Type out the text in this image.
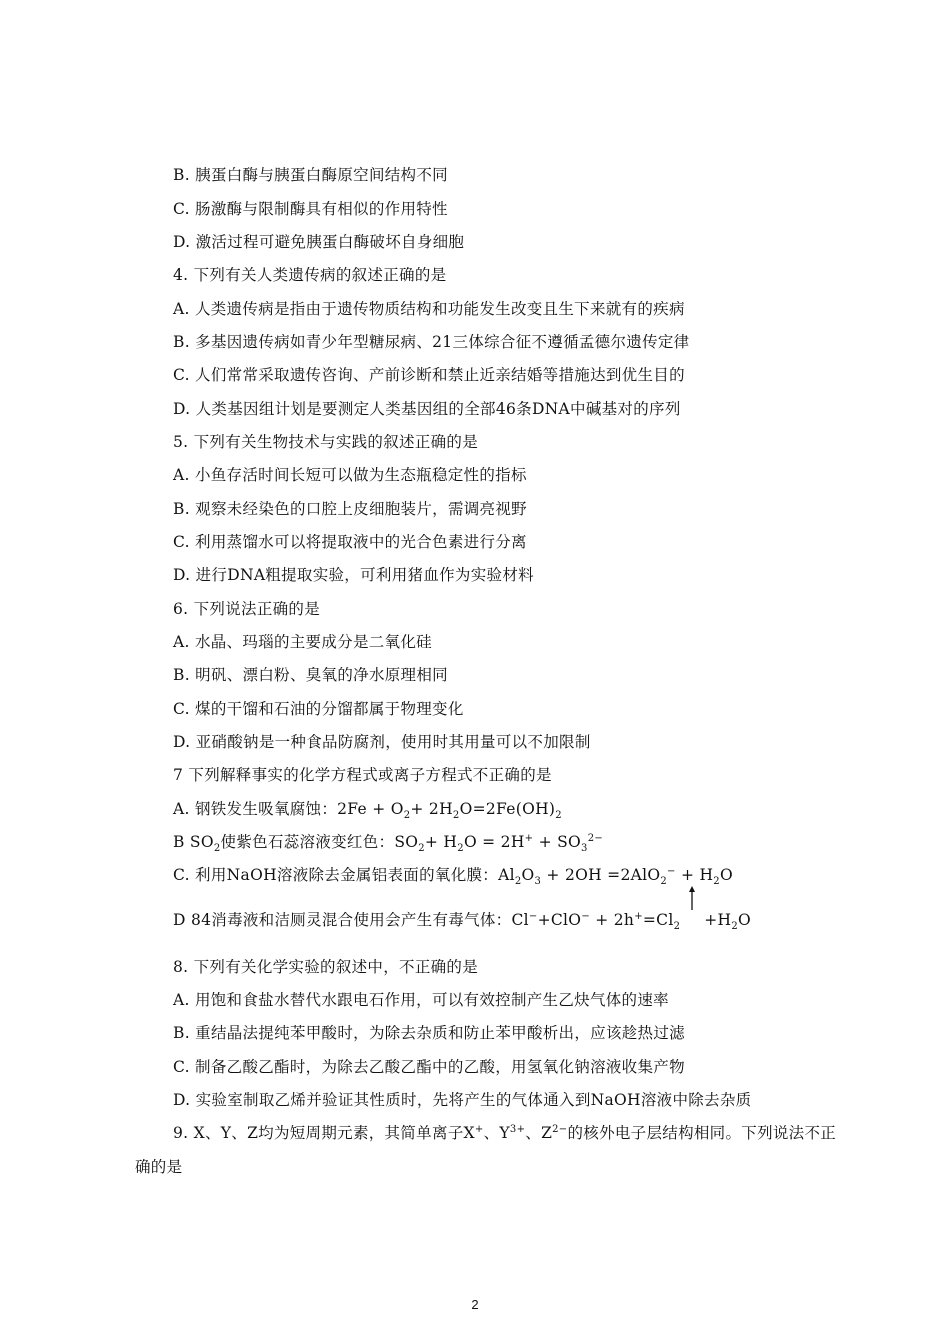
B. 胰蛋白酶与胰蛋白酶原空间结构不同
C. 肠激酶与限制酶具有相似的作用特性
D. 激活过程可避免胰蛋白酶破坏自身细胞
4. 下列有关人类遗传病的叙述正确的是
A. 人类遗传病是指由于遗传物质结构和功能发生改变且生下来就有的疾病
B. 多基因遗传病如青少年型糖尿病、21三体综合征不遵循孟德尔遗传定律
C. 人们常常采取遗传咨询、产前诊断和禁止近亲结婚等措施达到优生目的
D. 人类基因组计划是要测定人类基因组的全部46条DNA中碱基对的序列
5. 下列有关生物技术与实践的叙述正确的是
A. 小鱼存活时间长短可以做为生态瓶稳定性的指标
B. 观察未经染色的口腔上皮细胞装片，需调亮视野
C. 利用蒸馏水可以将提取液中的光合色素进行分离
D. 进行DNA粗提取实验，可利用猪血作为实验材料
6. 下列说法正确的是
A. 水晶、玛瑙的主要成分是二氧化硅
B. 明矾、漂白粉、臭氧的净水原理相同
C. 煤的干馏和石油的分馏都属于物理变化
D. 亚硝酸钠是一种食品防腐剂，使用时其用量可以不加限制
7 下列解释事实的化学方程式或离子方程式不正确的是
A. 钢铁发生吸氧腐蚀：$2Fe + O_2+ 2H_2O=2Fe(OH)_2$
B $SO_2$使紫色石蕊溶液变红色：$SO_2+ H_2O = 2H^+ + SO_3^{2-}$
C. 利用NaOH溶液除去金属铝表面的氧化膜：$Al_2O_3 + 2OH =2AlO_2^- + H_2O$
D 84消毒液和洁厕灵混合使用会产生有毒气体：$Cl^-+ClO^- + 2h^+=Cl_2 +H_2O$
8. 下列有关化学实验的叙述中，不正确的是
A. 用饱和食盐水替代水跟电石作用，可以有效控制产生乙炔气体的速率
B. 重结晶法提纯苯甲酸时，为除去杂质和防止苯甲酸析出，应该趁热过滤
C. 制备乙酸乙酯时，为除去乙酸乙酯中的乙酸，用氢氧化钠溶液收集产物
D. 实验室制取乙烯并验证其性质时，先将产生的气体通入到NaOH溶液中除去杂质
9. X、Y、Z均为短周期元素，其简单离子X+、$Y^{3+}$、$Z^{2-}$的核外电子层结构相同。下列说法不正
确的是
2
